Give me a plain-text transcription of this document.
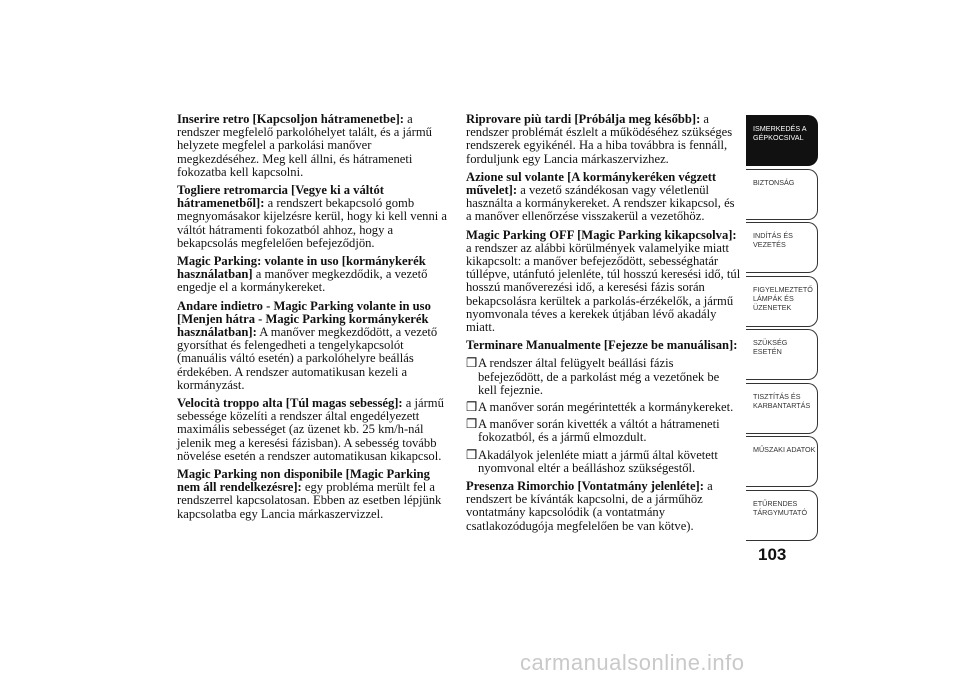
Inserire retro [Kapcsoljon hátramenetbe]: a rendszer megfelelő parkolóhelyet talált, és a jármű helyzete megfelel a parkolási manőver megkezdéséhez. Meg kell állni, és hátrameneti fokozatba kell kapcsolni.
Togliere retromarcia [Vegye ki a váltót hátramenetből]: a rendszert bekapcsoló gomb megnyomásakor kijelzésre kerül, hogy ki kell venni a váltót hátramenti fokozatból ahhoz, hogy a bekapcsolás megfelelően befejeződjön.
Magic Parking: volante in uso [kormánykerék használatban] a manőver megkezdődik, a vezető engedje el a kormánykereket.
Andare indietro - Magic Parking volante in uso [Menjen hátra - Magic Parking kormánykerék használatban]: A manőver megkezdődött, a vezető gyorsíthat és felengedheti a tengelykapcsolót (manuális váltó esetén) a parkolóhelyre beállás érdekében. A rendszer automatikusan kezeli a kormányzást.
Velocità troppo alta [Túl magas sebesség]: a jármű sebessége közelíti a rendszer által engedélyezett maximális sebességet (az üzenet kb. 25 km/h-nál jelenik meg a keresési fázisban). A sebesség tovább növelése esetén a rendszer automatikusan kikapcsol.
Magic Parking non disponibile [Magic Parking nem áll rendelkezésre]: egy probléma merült fel a rendszerrel kapcsolatosan. Ebben az esetben lépjünk kapcsolatba egy Lancia márkaszervizzel.
Riprovare più tardi [Próbálja meg később]: a rendszer problémát észlelt a működéséhez szükséges rendszerek egyikénél. Ha a hiba továbbra is fennáll, forduljunk egy Lancia márkaszervizhez.
Azione sul volante [A kormánykeréken végzett művelet]: a vezető szándékosan vagy véletlenül használta a kormánykereket. A rendszer kikapcsol, és a manőver ellenőrzése visszakerül a vezetőhöz.
Magic Parking OFF [Magic Parking kikapcsolva]: a rendszer az alábbi körülmények valamelyike miatt kikapcsolt: a manőver befejeződött, sebességhatár túllépve, utánfutó jelenléte, túl hosszú keresési idő, túl hosszú manőverezési idő, a keresési fázis során bekapcsolásra kerültek a parkolás-érzékelők, a jármű nyomvonala téves a kerekek útjában lévő akadály miatt.
Terminare Manualmente [Fejezze be manuálisan]:
❒ A rendszer által felügyelt beállási fázis befejeződött, de a parkolást még a vezetőnek be kell fejeznie.
❒ A manőver során megérintették a kormánykereket.
❒ A manőver során kivették a váltót a hátrameneti fokozatból, és a jármű elmozdult.
❒ Akadályok jelenléte miatt a jármű által követett nyomvonal eltér a beálláshoz szükségestől.
Presenza Rimorchio [Vontatmány jelenléte]: a rendszert be kívánták kapcsolni, de a járműhöz vontatmány kapcsolódik (a vontatmány csatlakozódugója megfelelően be van kötve).
ISMERKEDÉS A GÉPKOCSIVAL
BIZTONSÁG
INDÍTÁS ÉS VEZETÉS
FIGYELMEZTETŐ LÁMPÁK ÉS ÜZENETEK
SZÜKSÉG ESETÉN
TISZTÍTÁS ÉS KARBANTARTÁS
MŰSZAKI ADATOK
ETŰRENDES TÁRGYMUTATÓ
103
carmanualsonline.info
